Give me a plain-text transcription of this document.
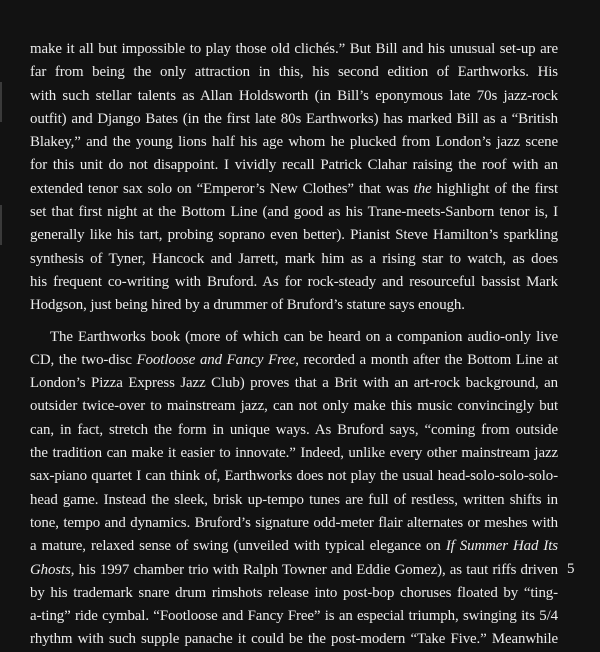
make it all but impossible to play those old clichés.” But Bill and his unusual set-up are
far from being the only attraction in this, his second edition of Earthworks. His
with such stellar talents as Allan Holdsworth (in Bill’s eponymous late 70s jazz-rock
outfit) and Django Bates (in the first late 80s Earthworks) has marked Bill as a “British
Blakey,” and the young lions half his age whom he plucked from London’s jazz scene
for this unit do not disappoint. I vividly recall Patrick Clahar raising the roof with an
extended tenor sax solo on “Emperor’s New Clothes” that was the highlight of the first
set that first night at the Bottom Line (and good as his Trane-meets-Sanborn tenor is, I
generally like his tart, probing soprano even better). Pianist Steve Hamilton’s sparkling
synthesis of Tyner, Hancock and Jarrett, mark him as a rising star to watch, as does
his frequent co-writing with Bruford. As for rock-steady and resourceful bassist Mark
Hodgson, just being hired by a drummer of Bruford’s stature says enough.
The Earthworks book (more of which can be heard on a companion audio-only live
CD, the two-disc Footloose and Fancy Free, recorded a month after the Bottom Line at
London’s Pizza Express Jazz Club) proves that a Brit with an art-rock background, an
outsider twice-over to mainstream jazz, can not only make this music convincingly but
can, in fact, stretch the form in unique ways. As Bruford says, “coming from outside
the tradition can make it easier to innovate.” Indeed, unlike every other mainstream jazz
sax-piano quartet I can think of, Earthworks does not play the usual head-solo-solo-solo-
head game. Instead the sleek, brisk up-tempo tunes are full of restless, written shifts in
tone, tempo and dynamics. Bruford’s signature odd-meter flair alternates or meshes with
a mature, relaxed sense of swing (unveiled with typical elegance on If Summer Had Its
Ghosts, his 1997 chamber trio with Ralph Towner and Eddie Gomez), as taut riffs driven
by his trademark snare drum rimshots release into post-bop choruses floated by “ting-
a-ting” ride cymbal. “Footloose and Fancy Free” is an especial triumph, swinging its 5/4
rhythm with such supple panache it could be the post-modern “Take Five.” Meanwhile
5
